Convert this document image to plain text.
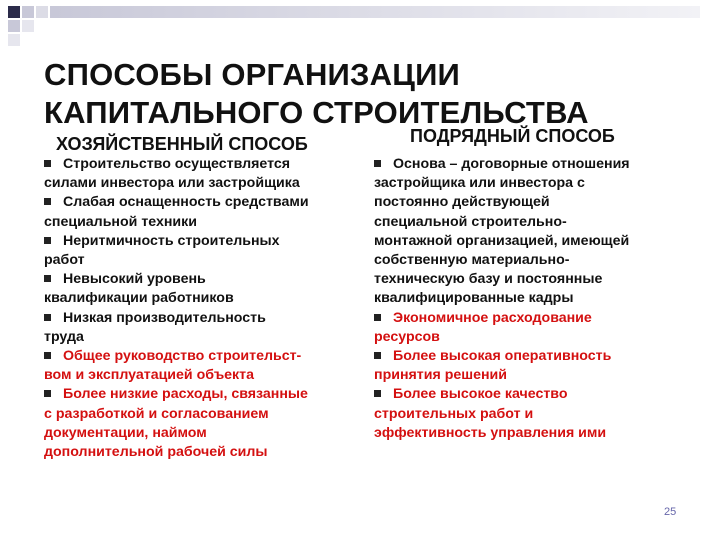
СПОСОБЫ ОРГАНИЗАЦИИ
КАПИТАЛЬНОГО СТРОИТЕЛЬСТВА
ХОЗЯЙСТВЕННЫЙ СПОСОБ	ПОДРЯДНЫЙ СПОСОБ
Строительство осуществляется
силами инвестора или застройщика
Слабая оснащенность средствами
специальной техники
Неритмичность строительных
работ
Невысокий уровень
квалификации работников
Низкая производительность
труда
Общее руководство строительст-
вом и эксплуатацией объекта
Более низкие расходы, связанные
с разработкой и согласованием
документации, наймом
дополнительной рабочей силы
Основа – договорные отношения
застройщика или инвестора с
постоянно действующей
специальной строительно-
монтажной организацией, имеющей
собственную материально-
техническую базу и постоянные
квалифицированные кадры
Экономичное расходование
ресурсов
Более высокая оперативность
принятия решений
Более высокое качество
строительных работ и
эффективность управления ими
25
